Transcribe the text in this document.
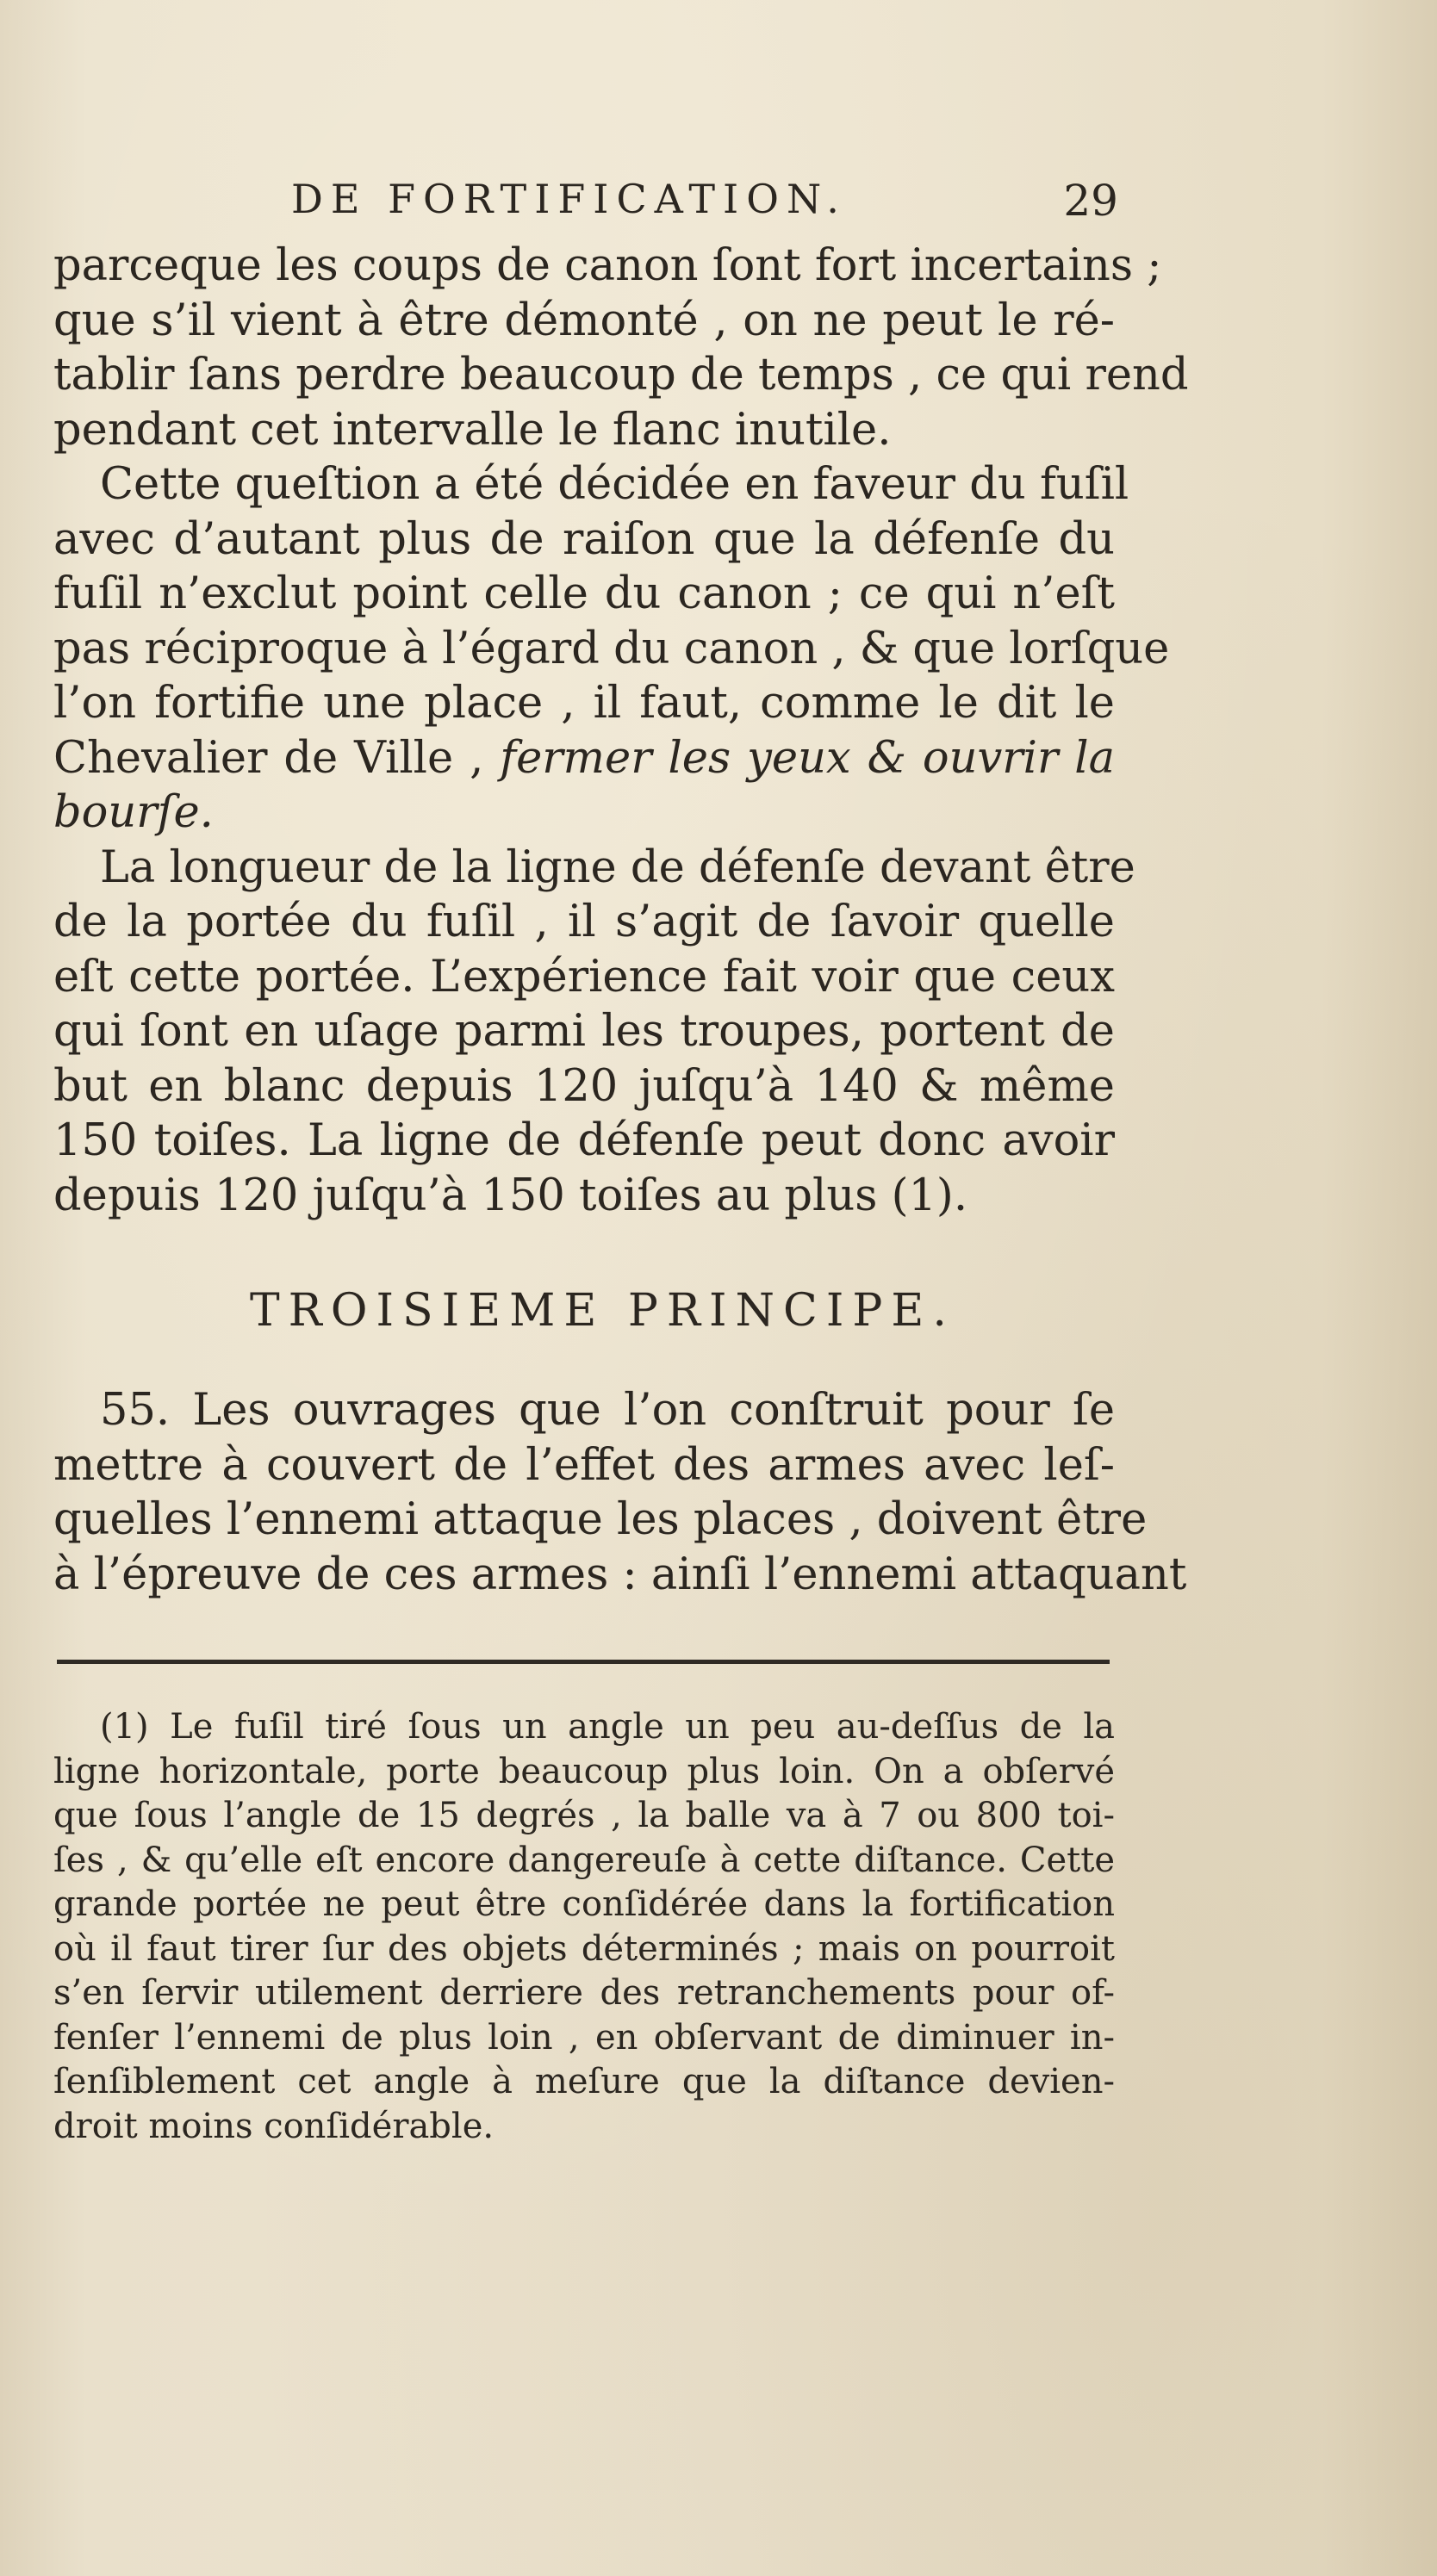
DE FORTIFICATION.	29
parceque les coups de canon ſont fort incertains ;
que s’il vient à être démonté , on ne peut le ré-
tablir ſans perdre beaucoup de temps , ce qui rend
pendant cet intervalle le flanc inutile.
Cette queſtion a été décidée en faveur du fuſil
avec d’autant plus de raiſon que la défenſe du
fuſil n’exclut point celle du canon ; ce qui n’eſt
pas réciproque à l’égard du canon , & que lorſque
l’on fortifie une place , il faut, comme le dit le
Chevalier de Ville , fermer les yeux & ouvrir la
bourſe.
La longueur de la ligne de défenſe devant être
de la portée du fuſil , il s’agit de ſavoir quelle
eſt cette portée. L’expérience fait voir que ceux
qui ſont en uſage parmi les troupes, portent de
but en blanc depuis 120 juſqu’à 140 & même
150 toiſes. La ligne de défenſe peut donc avoir
depuis 120 juſqu’à 150 toiſes au plus (1).
TROISIEME PRINCIPE.
55. Les ouvrages que l’on conſtruit pour ſe
mettre à couvert de l’effet des armes avec leſ-
quelles l’ennemi attaque les places , doivent être
à l’épreuve de ces armes : ainſi l’ennemi attaquant
(1) Le fuſil tiré ſous un angle un peu au-deſſus de la
ligne horizontale, porte beaucoup plus loin. On a obſervé
que ſous l’angle de 15 degrés , la balle va à 7 ou 800 toi-
ſes , & qu’elle eſt encore dangereuſe à cette diſtance. Cette
grande portée ne peut être conſidérée dans la fortification
où il faut tirer ſur des objets déterminés ; mais on pourroit
s’en ſervir utilement derriere des retranchements pour of-
fenſer l’ennemi de plus loin , en obſervant de diminuer in-
ſenſiblement cet angle à meſure que la diſtance devien-
droit moins conſidérable.
